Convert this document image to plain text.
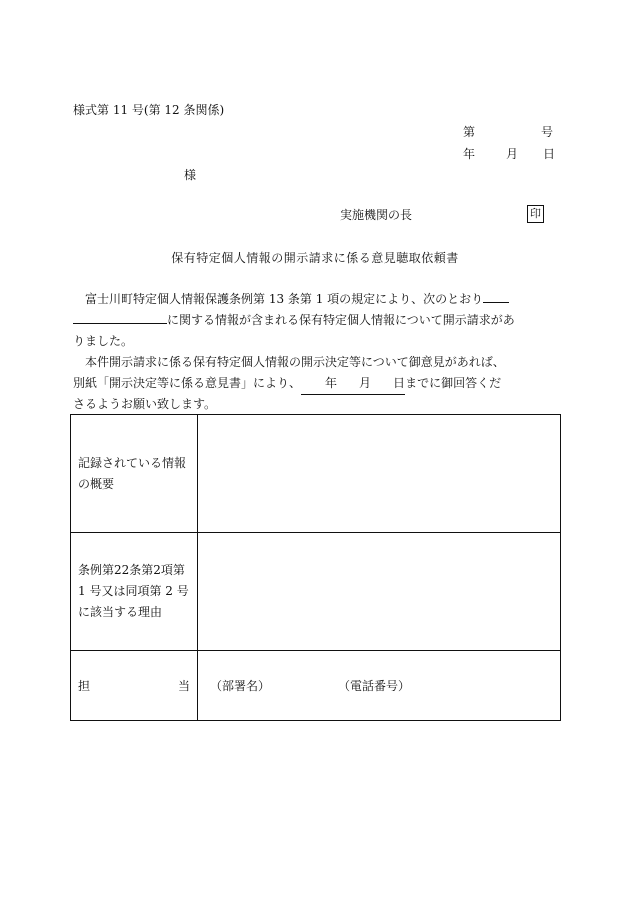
様式第 11 号(第 12 条関係)
第	号
年	月 日
様
実施機関の長	印
保有特定個人情報の開示請求に係る意見聴取依頼書
　富士川町特定個人情報保護条例第 13 条第 1 項の規定により、次のとおり
に関する情報が含まれる保有特定個人情報について開示請求があ
りました。
　本件開示請求に係る保有特定個人情報の開示決定等について御意見があれば、
別紙「開示決定等に係る意見書」により、 年 月 日までに御回答くだ
さるようお願い致します。
記録されている情報
の概要	

条例第22条第2項第
1 号又は同項第 2 号
に該当する理由	

担 当	（部署名） （電話番号）
